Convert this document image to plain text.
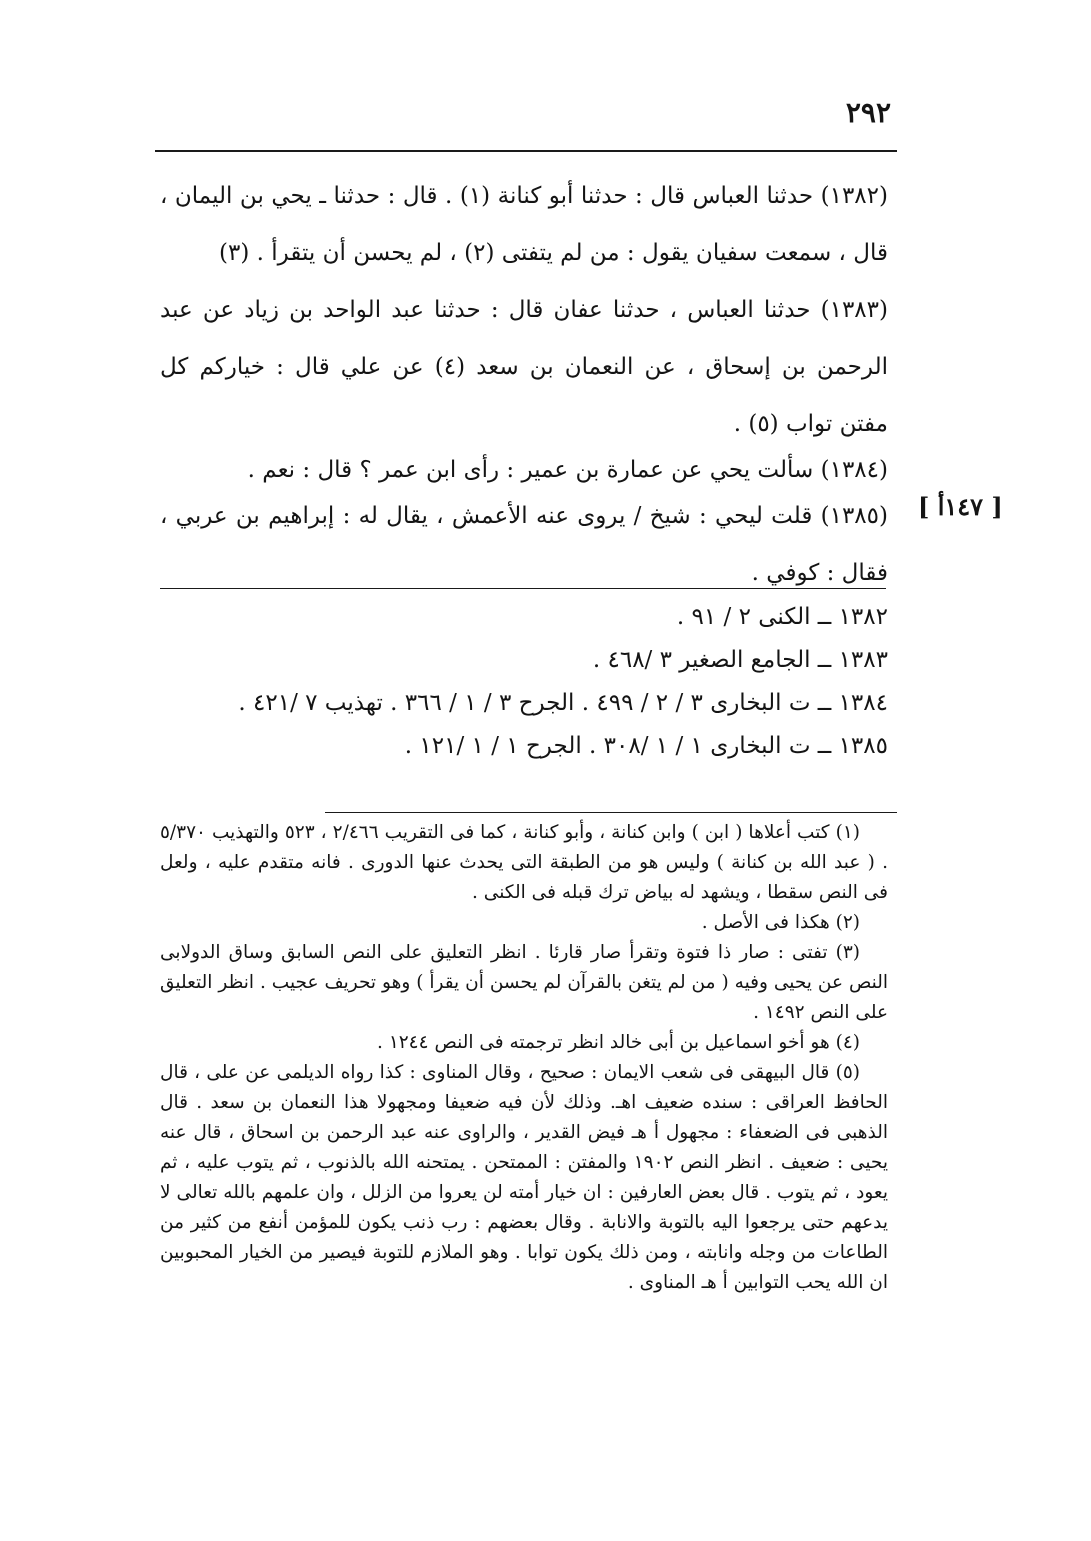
٢٩٢
[ ١٤٧أ ]

(١٣٨٢) حدثنا العباس قال : حدثنا أبو كنانة (١) . قال : حدثنا ـ يحي بن اليمان ، قال ، سمعت سفيان يقول : من لم يتفتى (٢) ، لم يحسن أن يتقرأ . (٣)

(١٣٨٣) حدثنا العباس ، حدثنا عفان قال : حدثنا عبد الواحد بن زياد عن عبد الرحمن بن إسحاق ، عن النعمان بن سعد (٤) عن علي قال : خياركم كل مفتن تواب (٥) .

(١٣٨٤) سألت يحي عن عمارة بن عمير : رأى ابن عمر ؟ قال : نعم .

(١٣٨٥) قلت ليحي : شيخ / يروى عنه الأعمش ، يقال له : إبراهيم بن عربي ، فقال : كوفي .

١٣٨٢ ــ الكنى ٢ / ٩١ .

١٣٨٣ ــ الجامع الصغير ٣ /٤٦٨ .

١٣٨٤ ــ ت البخارى ٣ / ٢ / ٤٩٩ . الجرح ٣ / ١ / ٣٦٦ . تهذيب ٧ /٤٢١ .

١٣٨٥ ــ ت البخارى ١ / ١ /٣٠٨ . الجرح ١ / ١ /١٢١ .

(١) كتب أعلاها ( ابن ) وابن كنانة ، وأبو كنانة ، كما فى التقريب ٢/٤٦٦ ، ٥٢٣ والتهذيب ٥/٣٧٠ . ( عبد الله بن كنانة ) وليس هو من الطبقة التى يحدث عنها الدورى . فانه متقدم عليه ، ولعل فى النص سقطا ، ويشهد له بياض ترك قبله فى الكنى .

(٢) هكذا فى الأصل .

(٣) تفتى : صار ذا فتوة وتقرأ صار قارئا . انظر التعليق على النص السابق وساق الدولابى النص عن يحيى وفيه ( من لم يتغن بالقرآن لم يحسن أن يقرأ ) وهو تحريف عجيب . انظر التعليق على النص ١٤٩٢ .

(٤) هو أخو اسماعيل بن أبى خالد انظر ترجمته فى النص ١٢٤٤ .

(٥) قال البيهقى فى شعب الايمان : صحيح ، وقال المناوى : كذا رواه الديلمى عن على ، قال الحافظ العراقى : سنده ضعيف اهـ. وذلك لأن فيه ضعيفا ومجهولا هذا النعمان بن سعد . قال الذهبى فى الضعفاء : مجهول أ هـ فيض القدير ، والراوى عنه عبد الرحمن بن اسحاق ، قال عنه يحيى : ضعيف . انظر النص ١٩٠٢ والمفتن : الممتحن . يمتحنه الله بالذنوب ، ثم يتوب عليه ، ثم يعود ، ثم يتوب . قال بعض العارفين : ان خيار أمته لن يعروا من الزلل ، وان علمهم بالله تعالى لا يدعهم حتى يرجعوا اليه بالتوبة والانابة . وقال بعضهم : رب ذنب يكون للمؤمن أنفع من كثير من الطاعات من وجله وانابته ، ومن ذلك يكون توابا . وهو الملازم للتوبة فيصير من الخيار المحبوبين ان الله يحب التوابين أ هـ المناوى .
